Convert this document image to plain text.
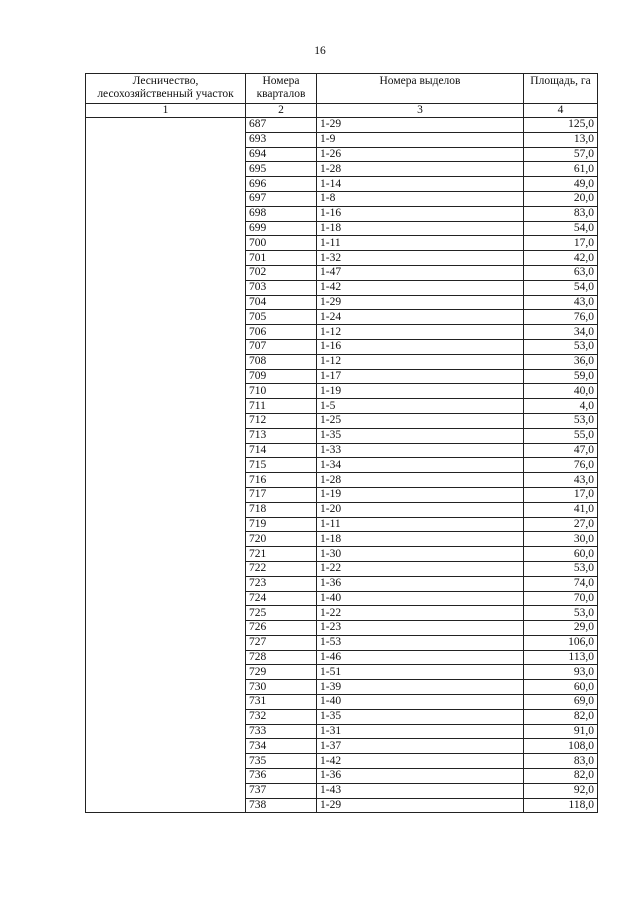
16
Лесничество, лесохозяйственный участок	Номера кварталов	Номера выделов	Площадь, га
1	2	3	4
	687	1-29	125,0
	693	1-9	13,0
	694	1-26	57,0
	695	1-28	61,0
	696	1-14	49,0
	697	1-8	20,0
	698	1-16	83,0
	699	1-18	54,0
	700	1-11	17,0
	701	1-32	42,0
	702	1-47	63,0
	703	1-42	54,0
	704	1-29	43,0
	705	1-24	76,0
	706	1-12	34,0
	707	1-16	53,0
	708	1-12	36,0
	709	1-17	59,0
	710	1-19	40,0
	711	1-5	4,0
	712	1-25	53,0
	713	1-35	55,0
	714	1-33	47,0
	715	1-34	76,0
	716	1-28	43,0
	717	1-19	17,0
	718	1-20	41,0
	719	1-11	27,0
	720	1-18	30,0
	721	1-30	60,0
	722	1-22	53,0
	723	1-36	74,0
	724	1-40	70,0
	725	1-22	53,0
	726	1-23	29,0
	727	1-53	106,0
	728	1-46	113,0
	729	1-51	93,0
	730	1-39	60,0
	731	1-40	69,0
	732	1-35	82,0
	733	1-31	91,0
	734	1-37	108,0
	735	1-42	83,0
	736	1-36	82,0
	737	1-43	92,0
	738	1-29	118,0
